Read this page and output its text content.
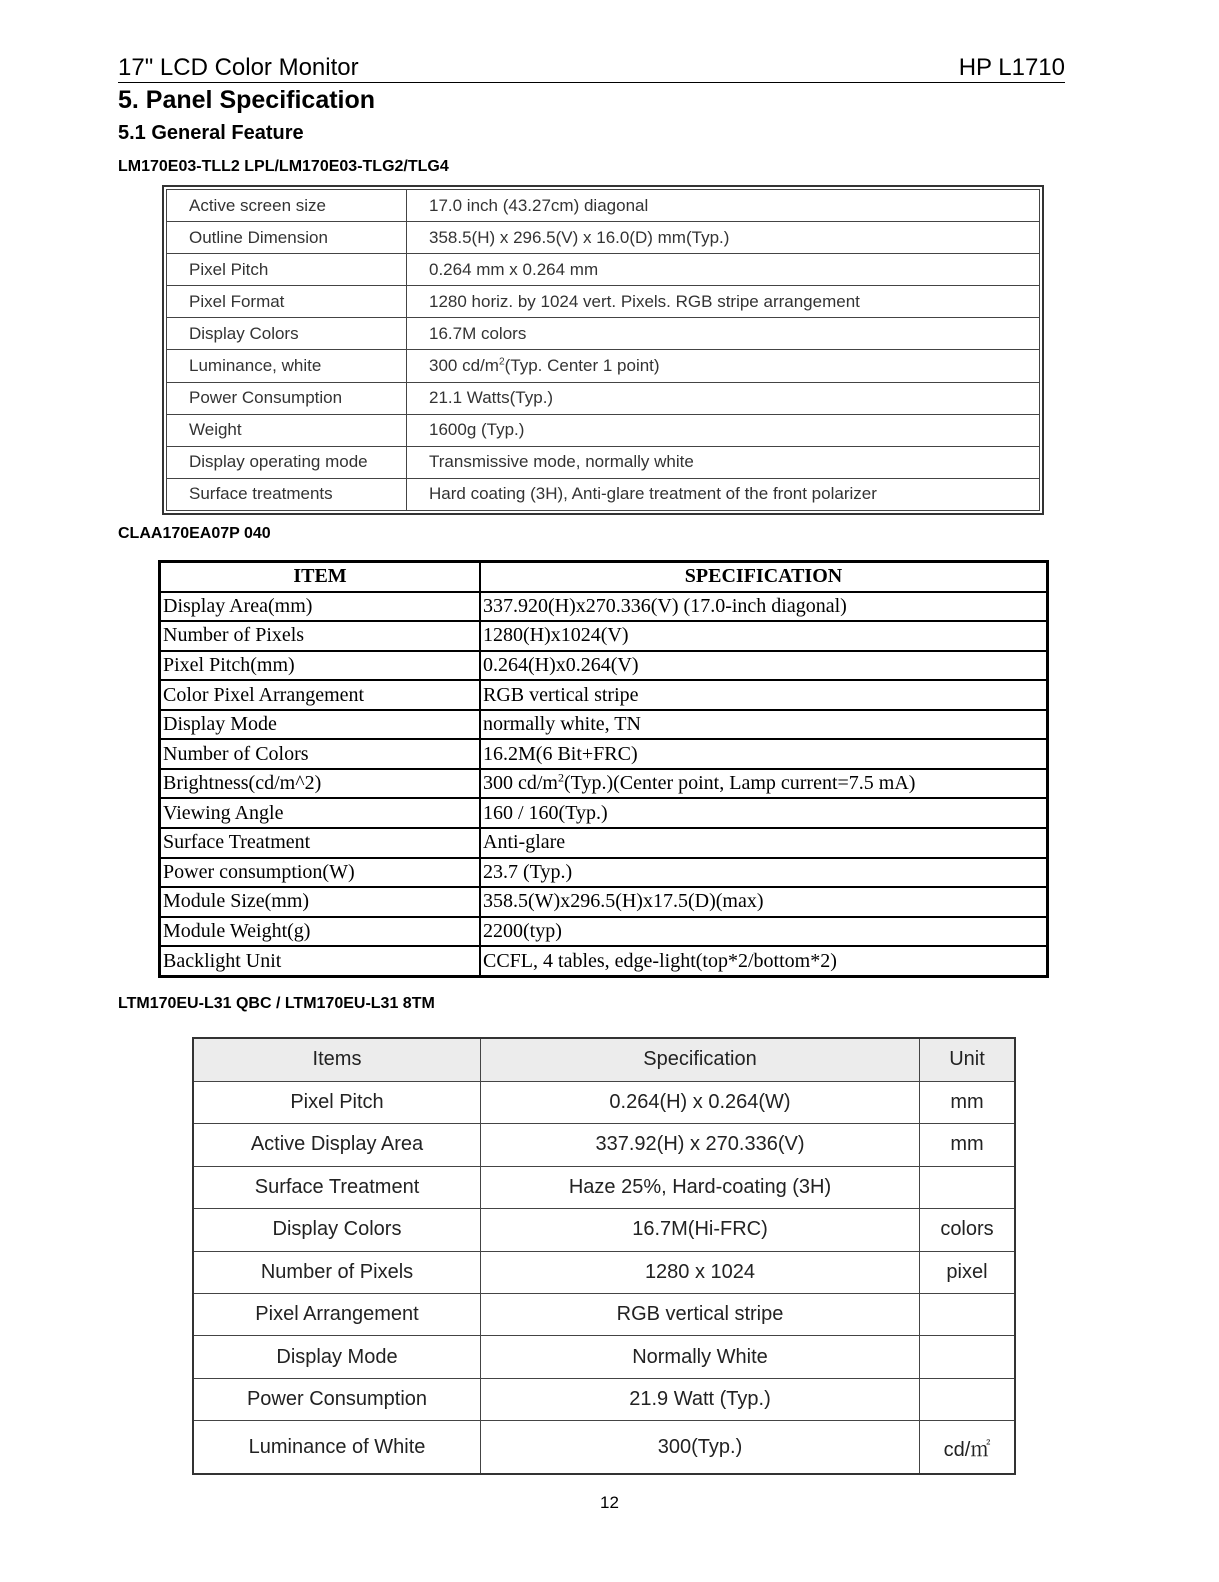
17" LCD Color Monitor	HP L1710
5. Panel Specification
5.1 General Feature
LM170E03-TLL2 LPL/LM170E03-TLG2/TLG4
Active screen size	17.0 inch (43.27cm) diagonal
Outline Dimension	358.5(H) x 296.5(V) x 16.0(D) mm(Typ.)
Pixel Pitch	0.264 mm x 0.264 mm
Pixel Format	1280 horiz. by 1024 vert. Pixels. RGB stripe arrangement
Display Colors	16.7M colors
Luminance, white	300 $cd/m^2(Typ$. Center 1 point)
Power Consumption	21.1 Watts(Typ.)
Weight	1600g (Typ.)
Display operating mode	Transmissive mode, normally white
Surface treatments	Hard coating (3H), Anti-glare treatment of the front polarizer
CLAA170EA07P 040
ITEM	SPECIFICATION
Display Area(mm)	337.920(H)x270.336(V) (17.0-inch diagonal)
Number of Pixels	1280(H)x1024(V)
Pixel Pitch(mm)	0.264(H)x0.264(V)
Color Pixel Arrangement	RGB vertical stripe
Display Mode	normally white, TN
Number of Colors	16.2M(6 Bit+FRC)
Brightness(cd/m^2)	300 $cd/m^2(Typ.)(Center$ point, Lamp current=7.5 mA)
Viewing Angle	160 / 160(Typ.)
Surface Treatment	Anti-glare
Power consumption(W)	23.7 (Typ.)
Module Size(mm)	358.5(W)x296.5(H)x17.5(D)(max)
Module Weight(g)	2200(typ)
Backlight Unit	CCFL, 4 tables, edge-light(top*2/bottom*2)
LTM170EU-L31 QBC / LTM170EU-L31 8TM
Items	Specification	Unit
Pixel Pitch	0.264(H) x 0.264(W)	mm
Active Display Area	337.92(H) x 270.336(V)	mm
Surface Treatment	Haze 25%, Hard-coating (3H)	
Display Colors	16.7M(Hi-FRC)	colors
Number of Pixels	1280 x 1024	pixel
Pixel Arrangement	RGB vertical stripe	
Display Mode	Normally White	
Power Consumption	21.9 Watt (Typ.)	
Luminance of White	300(Typ.)	cd/㎡
12
